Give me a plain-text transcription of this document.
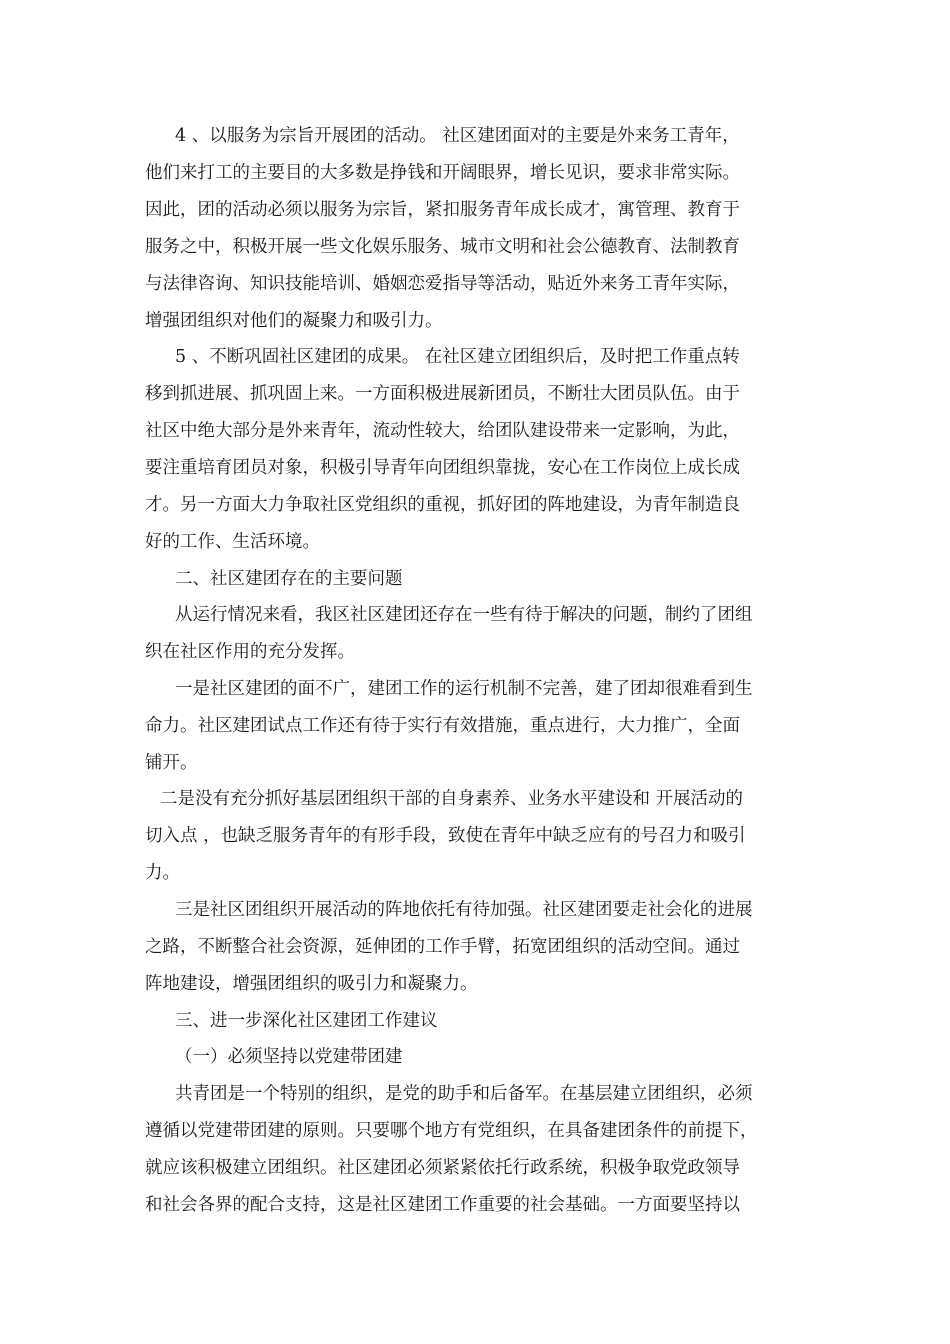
4 、以服务为宗旨开展团的活动。 社区建团面对的主要是外来务工青年，
他们来打工的主要目的大多数是挣钱和开阔眼界，增长见识，要求非常实际。
因此，团的活动必须以服务为宗旨，紧扣服务青年成长成才，寓管理、教育于
服务之中，积极开展一些文化娱乐服务、城市文明和社会公德教育、法制教育
与法律咨询、知识技能培训、婚姻恋爱指导等活动，贴近外来务工青年实际，
增强团组织对他们的凝聚力和吸引力。
5 、不断巩固社区建团的成果。 在社区建立团组织后，及时把工作重点转
移到抓进展、抓巩固上来。一方面积极进展新团员，不断壮大团员队伍。由于
社区中绝大部分是外来青年，流动性较大，给团队建设带来一定影响，为此，
要注重培育团员对象，积极引导青年向团组织靠拢，安心在工作岗位上成长成
才。另一方面大力争取社区党组织的重视，抓好团的阵地建设，为青年制造良
好的工作、生活环境。
二、社区建团存在的主要问题
从运行情况来看，我区社区建团还存在一些有待于解决的问题，制约了团组
织在社区作用的充分发挥。
一是社区建团的面不广，建团工作的运行机制不完善，建了团却很难看到生
命力。社区建团试点工作还有待于实行有效措施，重点进行，大力推广，全面
铺开。
二是没有充分抓好基层团组织干部的自身素养、业务水平建设和 开展活动的
切入点 ，也缺乏服务青年的有形手段，致使在青年中缺乏应有的号召力和吸引
力。
三是社区团组织开展活动的阵地依托有待加强。社区建团要走社会化的进展
之路，不断整合社会资源，延伸团的工作手臂，拓宽团组织的活动空间。通过
阵地建设，增强团组织的吸引力和凝聚力。
三、进一步深化社区建团工作建议
（一）必须坚持以党建带团建
共青团是一个特别的组织，是党的助手和后备军。在基层建立团组织，必须
遵循以党建带团建的原则。只要哪个地方有党组织，在具备建团条件的前提下，
就应该积极建立团组织。社区建团必须紧紧依托行政系统，积极争取党政领导
和社会各界的配合支持，这是社区建团工作重要的社会基础。一方面要坚持以
